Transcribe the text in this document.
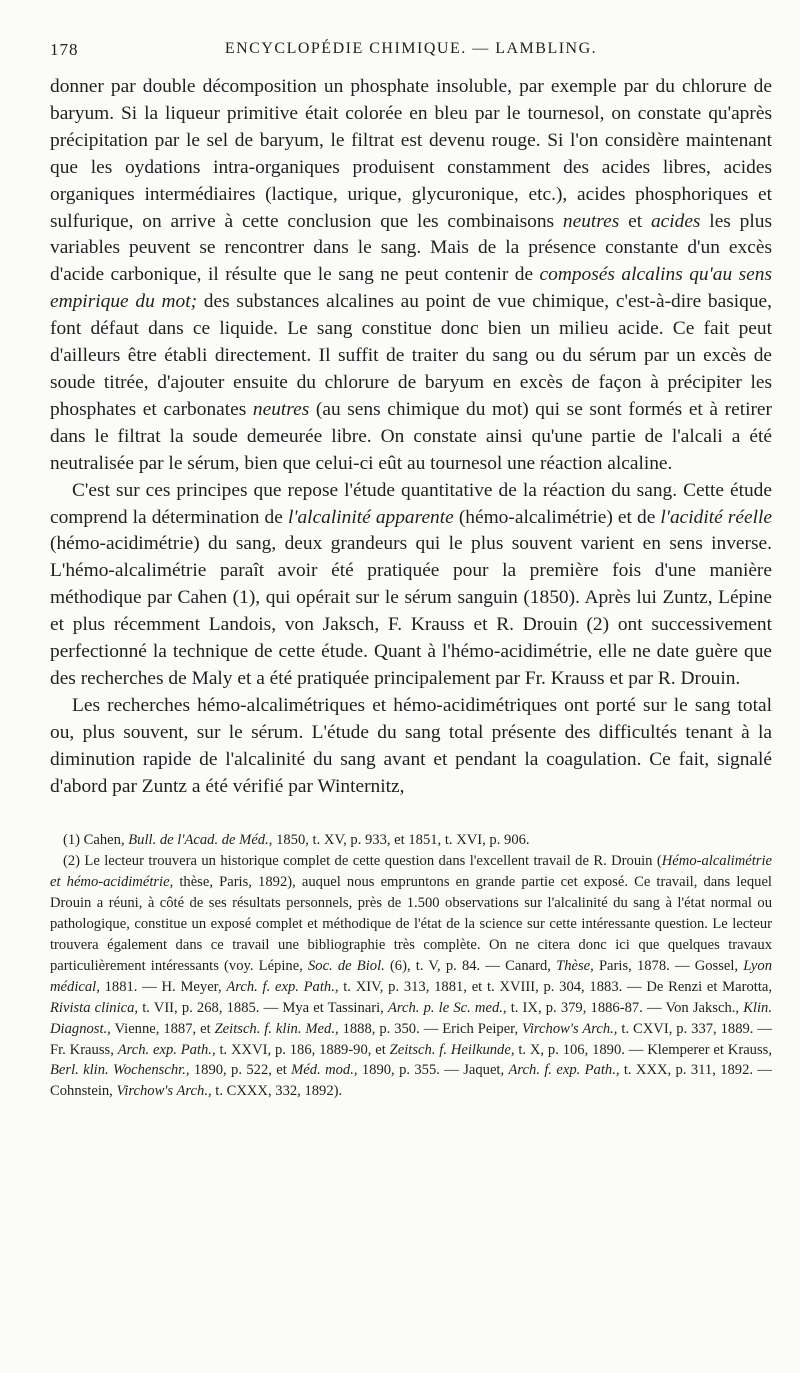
178	ENCYCLOPÉDIE CHIMIQUE. — LAMBLING.

donner par double décomposition un phosphate insoluble, par exemple par du chlorure de baryum. Si la liqueur primitive était colorée en bleu par le tournesol, on constate qu'après précipitation par le sel de baryum, le filtrat est devenu rouge. Si l'on considère maintenant que les oydations intra-organiques produisent constamment des acides libres, acides organiques intermédiaires (lactique, urique, glycuronique, etc.), acides phosphoriques et sulfurique, on arrive à cette conclusion que les combinaisons neutres et acides les plus variables peuvent se rencontrer dans le sang. Mais de la présence constante d'un excès d'acide carbonique, il résulte que le sang ne peut contenir de composés alcalins qu'au sens empirique du mot; des substances alcalines au point de vue chimique, c'est-à-dire basique, font défaut dans ce liquide. Le sang constitue donc bien un milieu acide. Ce fait peut d'ailleurs être établi directement. Il suffit de traiter du sang ou du sérum par un excès de soude titrée, d'ajouter ensuite du chlorure de baryum en excès de façon à précipiter les phosphates et carbonates neutres (au sens chimique du mot) qui se sont formés et à retirer dans le filtrat la soude demeurée libre. On constate ainsi qu'une partie de l'alcali a été neutralisée par le sérum, bien que celui-ci eût au tournesol une réaction alcaline.

C'est sur ces principes que repose l'étude quantitative de la réaction du sang. Cette étude comprend la détermination de l'alcalinité apparente (hémo-alcalimétrie) et de l'acidité réelle (hémo-acidimétrie) du sang, deux grandeurs qui le plus souvent varient en sens inverse. L'hémo-alcalimétrie paraît avoir été pratiquée pour la première fois d'une manière méthodique par Cahen (1), qui opérait sur le sérum sanguin (1850). Après lui Zuntz, Lépine et plus récemment Landois, von Jaksch, F. Krauss et R. Drouin (2) ont successivement perfectionné la technique de cette étude. Quant à l'hémo-acidimétrie, elle ne date guère que des recherches de Maly et a été pratiquée principalement par Fr. Krauss et par R. Drouin.

Les recherches hémo-alcalimétriques et hémo-acidimétriques ont porté sur le sang total ou, plus souvent, sur le sérum. L'étude du sang total présente des difficultés tenant à la diminution rapide de l'alcalinité du sang avant et pendant la coagulation. Ce fait, signalé d'abord par Zuntz a été vérifié par Winternitz,

(1) Cahen, Bull. de l'Acad. de Méd., 1850, t. XV, p. 933, et 1851, t. XVI, p. 906.

(2) Le lecteur trouvera un historique complet de cette question dans l'excellent travail de R. Drouin (Hémo-alcalimétrie et hémo-acidimétrie, thèse, Paris, 1892), auquel nous empruntons en grande partie cet exposé. Ce travail, dans lequel Drouin a réuni, à côté de ses résultats personnels, près de 1.500 observations sur l'alcalinité du sang à l'état normal ou pathologique, constitue un exposé complet et méthodique de l'état de la science sur cette intéressante question. Le lecteur trouvera également dans ce travail une bibliographie très complète. On ne citera donc ici que quelques travaux particulièrement intéressants (voy. Lépine, Soc. de Biol. (6), t. V, p. 84. — Canard, Thèse, Paris, 1878. — Gossel, Lyon médical, 1881. — H. Meyer, Arch. f. exp. Path., t. XIV, p. 313, 1881, et t. XVIII, p. 304, 1883. — De Renzi et Marotta, Rivista clinica, t. VII, p. 268, 1885. — Mya et Tassinari, Arch. p. le Sc. med., t. IX, p. 379, 1886-87. — Von Jaksch., Klin. Diagnost., Vienne, 1887, et Zeitsch. f. klin. Med., 1888, p. 350. — Erich Peiper, Virchow's Arch., t. CXVI, p. 337, 1889. — Fr. Krauss, Arch. exp. Path., t. XXVI, p. 186, 1889-90, et Zeitsch. f. Heilkunde, t. X, p. 106, 1890. — Klemperer et Krauss, Berl. klin. Wochenschr., 1890, p. 522, et Méd. mod., 1890, p. 355. — Jaquet, Arch. f. exp. Path., t. XXX, p. 311, 1892. — Cohnstein, Virchow's Arch., t. CXXX, 332, 1892).
